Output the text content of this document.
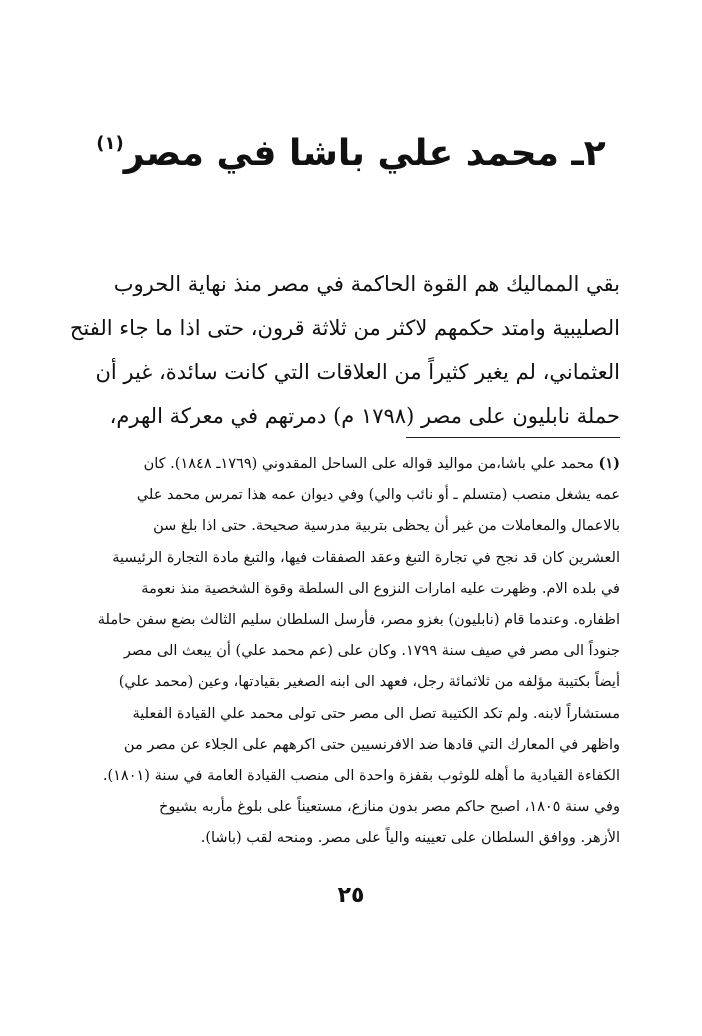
٢ـ محمد علي باشا في مصر$^{(١)}$

بقي المماليك هم القوة الحاكمة في مصر منذ نهاية الحروب

الصليبية وامتد حكمهم لاكثر من ثلاثة قرون، حتى اذا ما جاء الفتح

العثماني، لم يغير كثيراً من العلاقات التي كانت سائدة، غير أن

حملة نابليون على مصر (١٧٩٨ م) دمرتهم في معركة الهرم،

(١) محمد علي باشا،من مواليد قواله على الساحل المقدوني (١٧٦٩ـ ١٨٤٨). كان

عمه يشغل منصب (متسلم ـ أو نائب والي) وفي ديوان عمه هذا تمرس محمد علي

بالاعمال والمعاملات من غير أن يحظى بتربية مدرسية صحيحة. حتى اذا بلغ سن

العشرين كان قد نجح في تجارة التبغ وعقد الصفقات فيها، والتبغ مادة التجارة الرئيسية

في بلده الام. وظهرت عليه امارات النزوع الى السلطة وقوة الشخصية منذ نعومة

اظفاره. وعندما قام (نابليون) بغزو مصر، فأرسل السلطان سليم الثالث بضع سفن حاملة

جنوداً الى مصر في صيف سنة ١٧٩٩. وكان على (عم محمد علي) أن يبعث الى مصر

أيضاً بكتيبة مؤلفه من ثلاثمائة رجل، فعهد الى ابنه الصغير بقيادتها، وعين (محمد علي)

مستشاراً لابنه. ولم تكد الكتيبة تصل الى مصر حتى تولى محمد علي القيادة الفعلية

واظهر في المعارك التي قادها ضد الافرنسيين حتى اكرههم على الجلاء عن مصر من

الكفاءة القيادية ما أهله للوثوب بقفزة واحدة الى منصب القيادة العامة في سنة (١٨٠١).

وفي سنة ١٨٠٥، اصبح حاكم مصر بدون منازع، مستعيناً على بلوغ مأربه بشيوخ

الأزهر. ووافق السلطان على تعيينه والياً على مصر. ومنحه لقب (باشا).

٢٥
